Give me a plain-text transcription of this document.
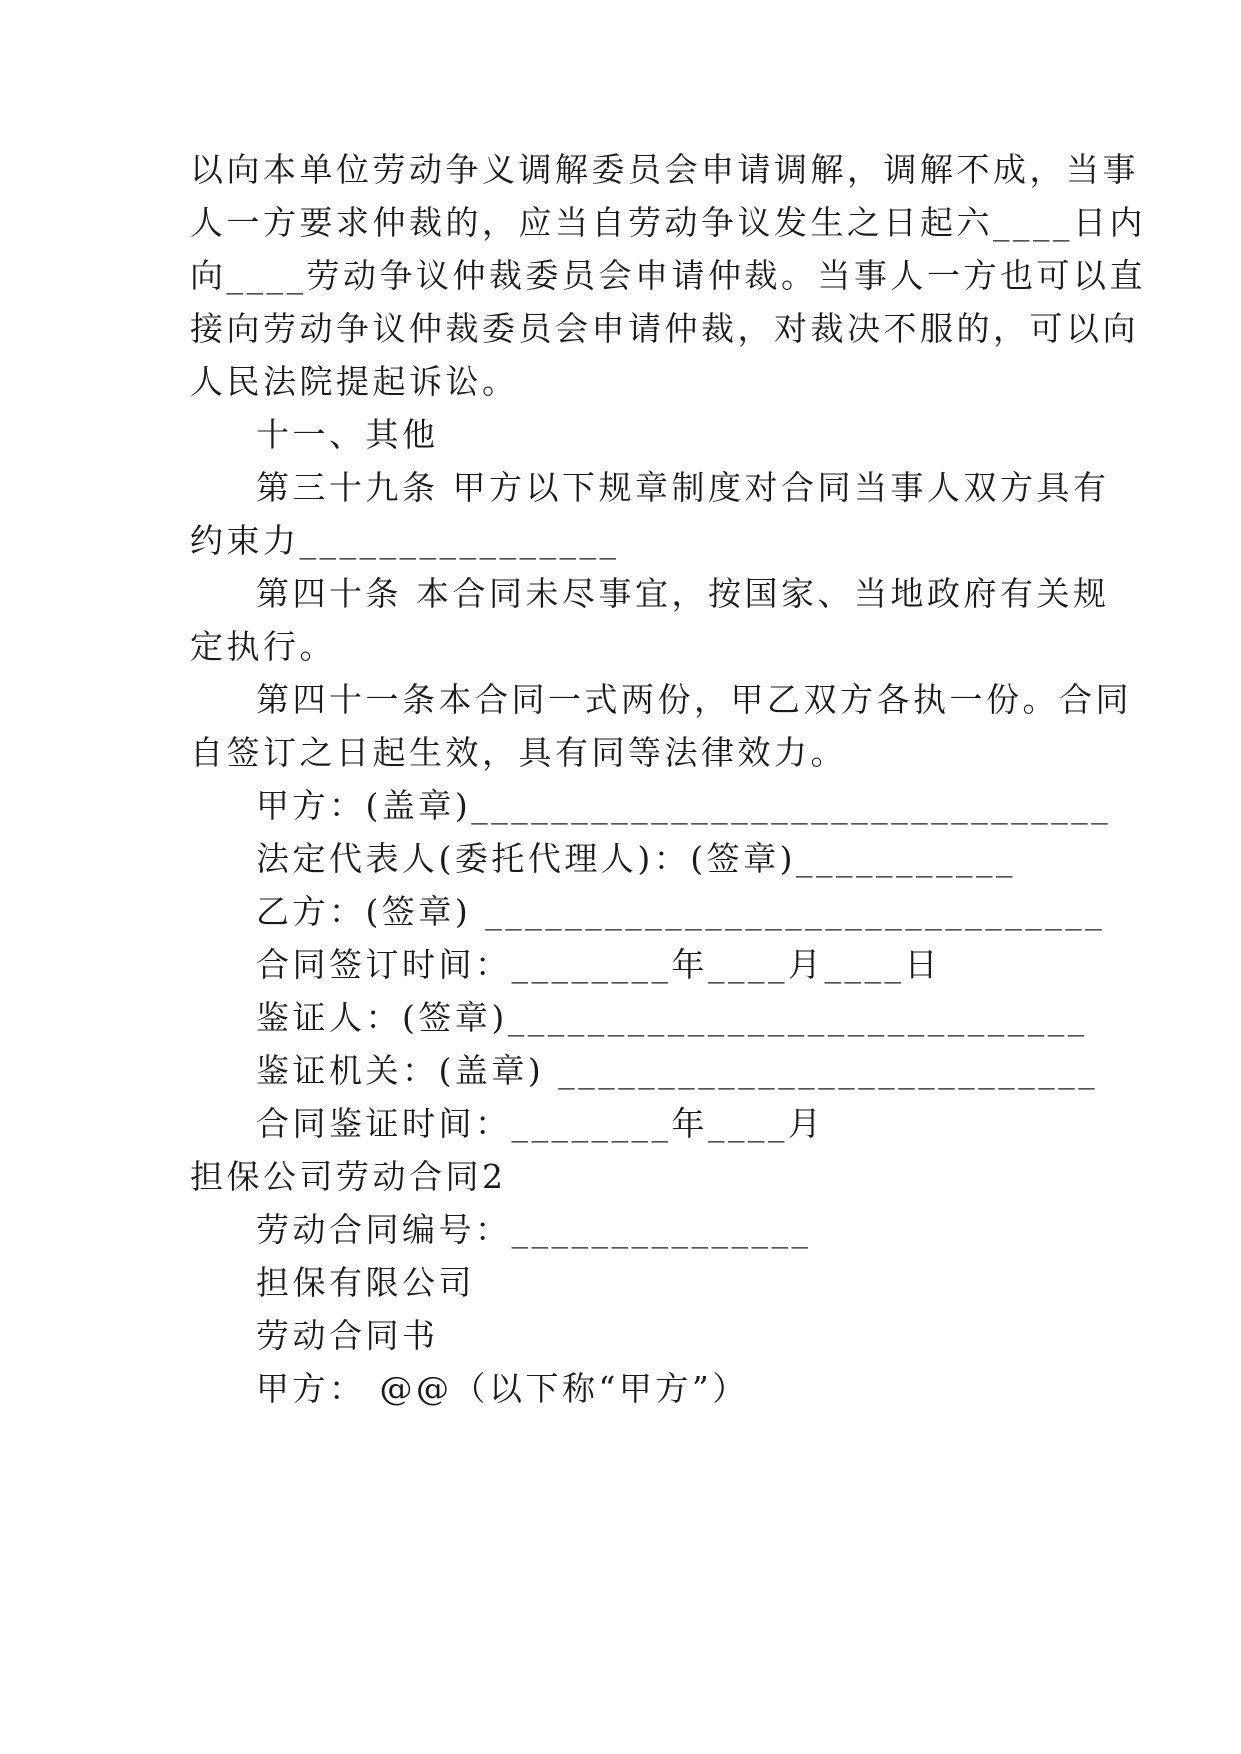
以向本单位劳动争义调解委员会申请调解，调解不成，当事
人一方要求仲裁的，应当自劳动争议发生之日起六____日内
向____劳动争议仲裁委员会申请仲裁。当事人一方也可以直
接向劳动争议仲裁委员会申请仲裁，对裁决不服的，可以向
人民法院提起诉讼。
十一、其他
第三十九条 甲方以下规章制度对合同当事人双方具有
约束力________________
第四十条 本合同未尽事宜，按国家、当地政府有关规
定执行。
第四十一条本合同一式两份，甲乙双方各执一份。合同
自签订之日起生效，具有同等法律效力。
甲方：(盖章)________________________________
法定代表人(委托代理人)：(签章)___________
乙方：(签章) _______________________________
合同签订时间：________年____月____日
鉴证人：(签章)_____________________________
鉴证机关：(盖章) ___________________________
合同鉴证时间：________年____月
担保公司劳动合同2
劳动合同编号：_______________
担保有限公司
劳动合同书
甲方： @@（以下称“甲方”）
